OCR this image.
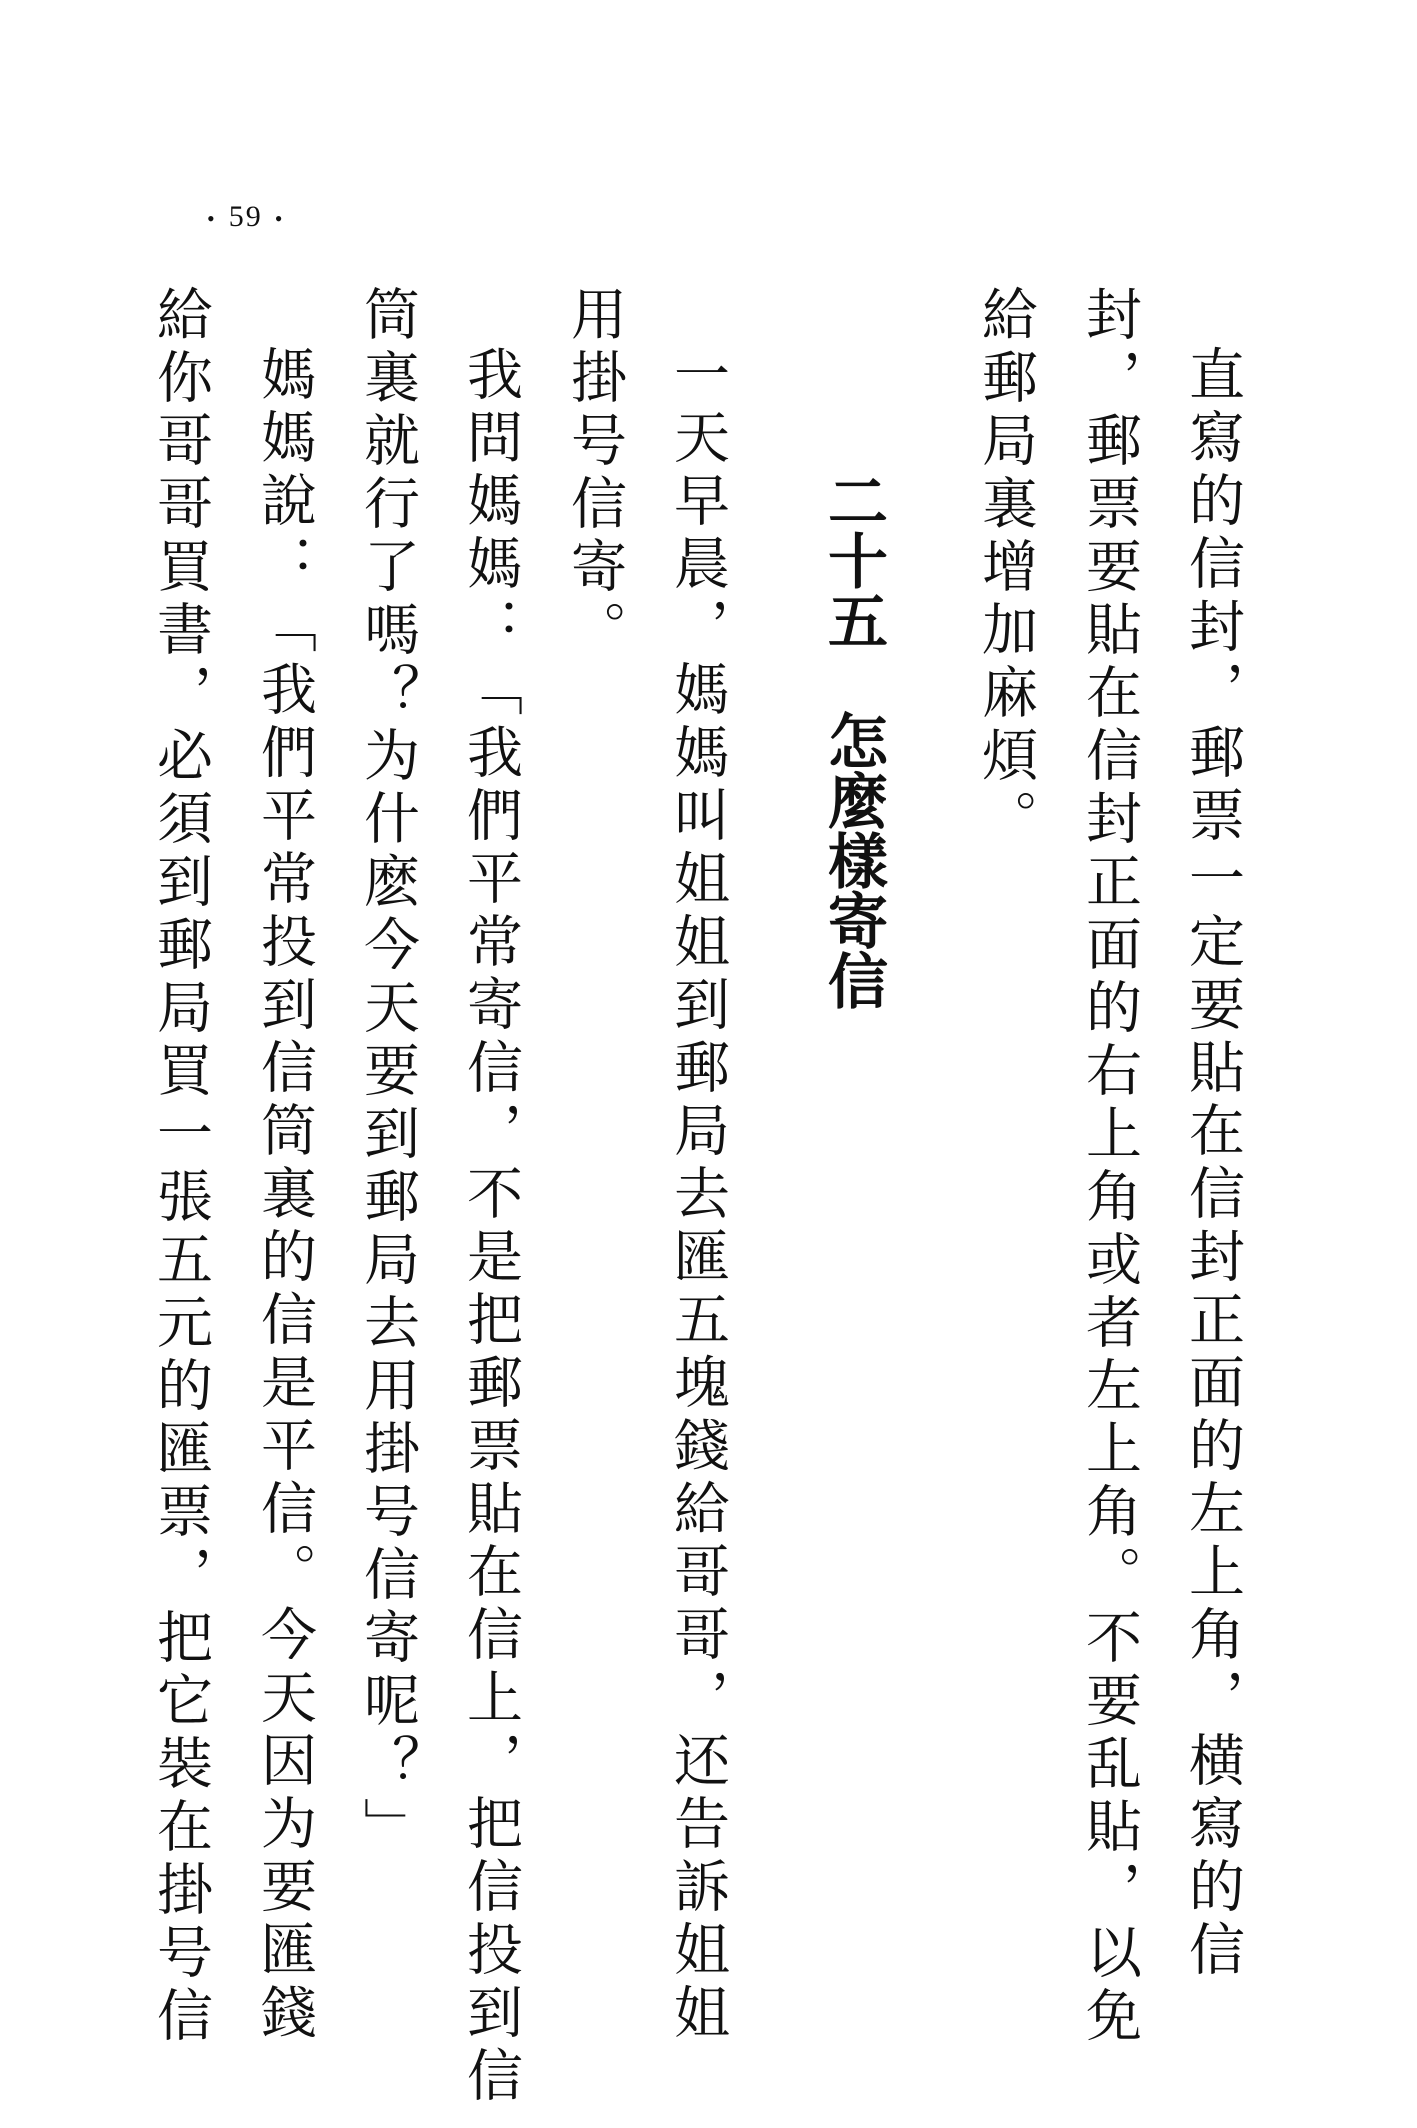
• 59 •
直寫的信封，郵票一定要貼在信封正面的左上角，横寫的信
封，郵票要貼在信封正面的右上角或者左上角。不要乱貼，以免
給郵局裏增加麻煩。
二十五怎麼樣寄信
一天早晨，媽媽叫姐姐到郵局去匯五塊錢給哥哥，还告訴姐姐
用掛号信寄。
我問媽媽：「我們平常寄信，不是把郵票貼在信上，把信投到信
筒裏就行了嗎？为什麽今天要到郵局去用掛号信寄呢？」
媽媽說：「我們平常投到信筒裏的信是平信。今天因为要匯錢
給你哥哥買書，必須到郵局買一張五元的匯票，把它裝在掛号信
